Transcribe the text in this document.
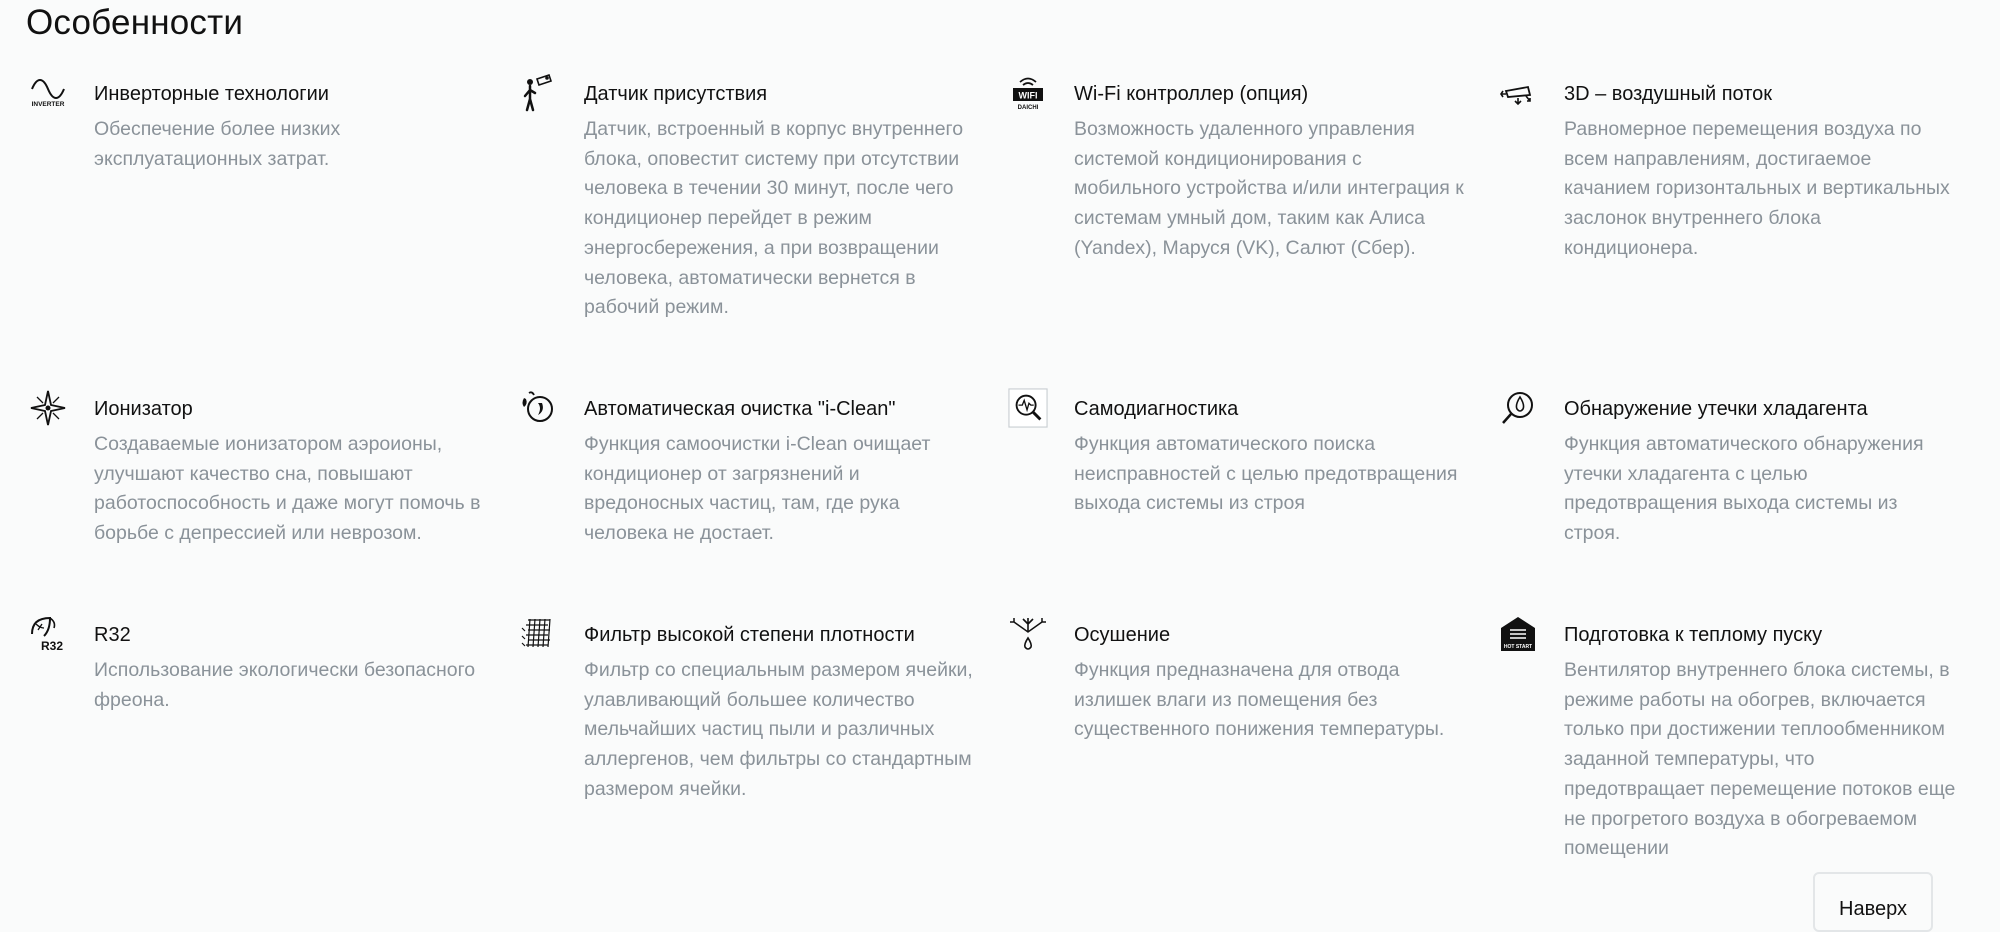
Особенности
INVERTER Инверторные технологии

Обеспечение более низких эксплуатационных затрат.

Датчик присутствия

Датчик, встроенный в корпус внутреннего блока, оповестит систему при отсутствии человека в течении 30 минут, после чего кондиционер перейдет в режим энергосбережения, а при возвращении человека, автоматически вернется в рабочий режим.

WIFI
DAICHI
Wi-Fi контроллер (опция)

Возможность удаленного управления системой кондиционирования с мобильного устройства и/или интеграция к системам умный дом, таким как Алиса (Yandex), Маруся (VK), Салют (Сбер).

3D – воздушный поток

Равномерное перемещения воздуха по всем направлениям, достигаемое качанием горизонтальных и вертикальных заслонок внутреннего блока кондиционера.

Ионизатор

Создаваемые ионизатором аэроионы, улучшают качество сна, повышают работоспособность и даже могут помочь в борьбе с депрессией или неврозом.

Автоматическая очистка "i-Clean"

Функция самоочистки i-Clean очищает кондиционер от загрязнений и вредоносных частиц, там, где рука человека не достает.

Самодиагностика

Функция автоматического поиска неисправностей с целью предотвращения выхода системы из строя

Обнаружение утечки хладагента

Функция автоматического обнаружения утечки хладагента с целью предотвращения выхода системы из строя.

R32 R32

Использование экологически безопасного фреона.

Фильтр высокой степени плотности

Фильтр со специальным размером ячейки, улавливающий большее количество мельчайших частиц пыли и различных аллергенов, чем фильтры со стандартным размером ячейки.

Осушение

Функция предназначена для отвода излишек влаги из помещения без существенного понижения температуры.

HOT START
Подготовка к теплому пуску

Вентилятор внутреннего блока системы, в режиме работы на обогрев, включается только при достижении теплообменником заданной температуры, что предотвращает перемещение потоков еще не прогретого воздуха в обогреваемом помещении

Наверх
